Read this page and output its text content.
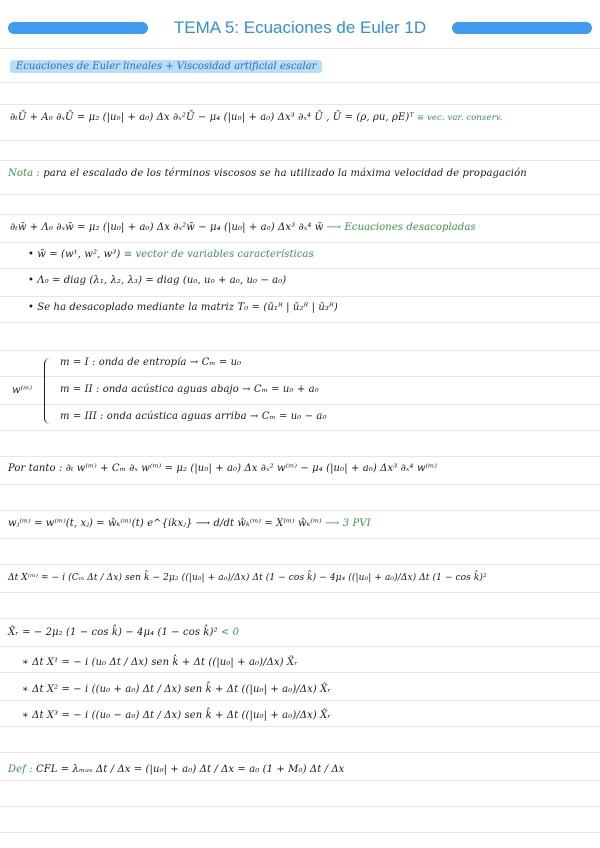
TEMA 5: Ecuaciones de Euler 1D
Ecuaciones de Euler lineales + Viscosidad artificial escalar
∂ₜŪ + A₀ ∂ₓŪ = μ₂ (|u₀| + a₀) Δx ∂ₓ²Ū − μ₄ (|u₀| + a₀) Δx³ ∂ₓ⁴ Ū , Ū = (ρ, ρu, ρE)ᵀ ≡ vec. var. conserv.
Nota : para el escalado de los términos viscosos se ha utilizado la máxima velocidad de propagación
∂ₜw̄ + Λ₀ ∂ₓw̄ = μ₂ (|u₀| + a₀) Δx ∂ₓ²w̄ − μ₄ (|u₀| + a₀) Δx³ ∂ₓ⁴ w̄ ⟶ Ecuaciones desacopladas
• w̄ = (w¹, w², w³) ≡ vector de variables características
• Λ₀ = diag (λ₁, λ₂, λ₃) = diag (u₀, u₀ + a₀, u₀ − a₀)
• Se ha desacoplado mediante la matriz T₀ = (ū₁ᴿ | ū₂ᴿ | ū₃ᴿ)
w⁽ᵐ⁾
m = I : onda de entropía → Cₘ = u₀
m = II : onda acústica aguas abajo → Cₘ = u₀ + a₀
m = III : onda acústica aguas arriba → Cₘ = u₀ − a₀
Por tanto : ∂ₜ w⁽ᵐ⁾ + Cₘ ∂ₓ w⁽ᵐ⁾ = μ₂ (|u₀| + a₀) Δx ∂ₓ² w⁽ᵐ⁾ − μ₄ (|u₀| + a₀) Δx³ ∂ₓ⁴ w⁽ᵐ⁾
wⱼ⁽ᵐ⁾ = w⁽ᵐ⁾(t, xⱼ) = ŵₖ⁽ᵐ⁾(t) e^{ikxⱼ} ⟶ d/dt ŵₖ⁽ᵐ⁾ = X⁽ᵐ⁾ ŵₖ⁽ᵐ⁾ ⟶ 3 PVI
Δt X⁽ᵐ⁾ = − i (Cₘ Δt / Δx) sen k̂ − 2μ₂ ((|u₀| + a₀)/Δx) Δt (1 − cos k̂) − 4μ₄ ((|u₀| + a₀)/Δx) Δt (1 − cos k̂)²
X̃ᵣ = − 2μ₂ (1 − cos k̂) − 4μ₄ (1 − cos k̂)² < 0
∗ Δt X¹ = − i (u₀ Δt / Δx) sen k̂ + Δt ((|u₀| + a₀)/Δx) X̃ᵣ
∗ Δt X² = − i ((u₀ + a₀) Δt / Δx) sen k̂ + Δt ((|u₀| + a₀)/Δx) X̃ᵣ
∗ Δt X³ = − i ((u₀ − a₀) Δt / Δx) sen k̂ + Δt ((|u₀| + a₀)/Δx) X̃ᵣ
Def : CFL = λₘₐₓ Δt / Δx = (|u₀| + a₀) Δt / Δx = a₀ (1 + M₀) Δt / Δx
